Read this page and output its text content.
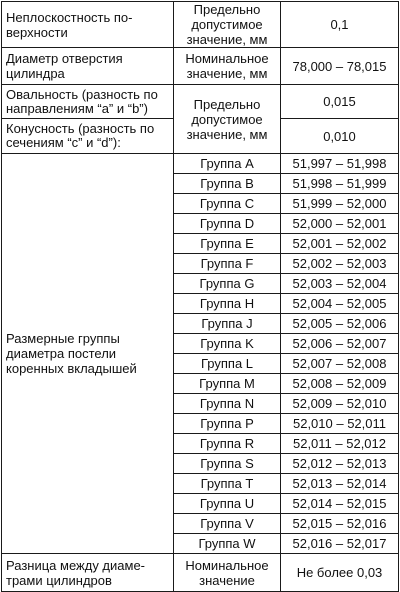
Неплоскостность по-верхности	Предельно допустимое значение, мм	0,1
Диаметр отверстия цилиндра	Номинальное значение, мм	78,000 – 78,015
Овальность (разность по направлениям “а” и “b”)	Предельно допустимое значение, мм	0,015
Конусность (разность по сечениям “с” и “d”):		0,010
Размерные группы диаметра постели коренных вкладышей	Группа A	51,997 – 51,998
	Группа B	51,998 – 51,999
	Группа C	51,999 – 52,000
	Группа D	52,000 – 52,001
	Группа E	52,001 – 52,002
	Группа F	52,002 – 52,003
	Группа G	52,003 – 52,004
	Группа H	52,004 – 52,005
	Группа J	52,005 – 52,006
	Группа K	52,006 – 52,007
	Группа L	52,007 – 52,008
	Группа M	52,008 – 52,009
	Группа N	52,009 – 52,010
	Группа P	52,010 – 52,011
	Группа R	52,011 – 52,012
	Группа S	52,012 – 52,013
	Группа T	52,013 – 52,014
	Группа U	52,014 – 52,015
	Группа V	52,015 – 52,016
	Группа W	52,016 – 52,017
Разница между диаме-трами цилиндров	Номинальное значение	Не более 0,03
